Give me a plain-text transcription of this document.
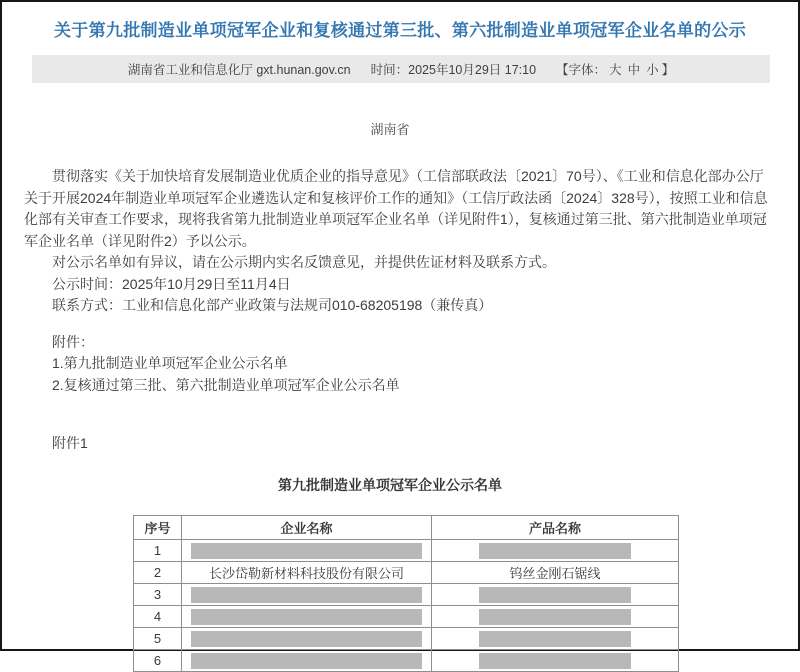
关于第九批制造业单项冠军企业和复核通过第三批、第六批制造业单项冠军企业名单的公示
湖南省工业和信息化厅 gxt.hunan.gov.cn 时间：2025年10月29日 17:10 【字体： 大 中 小 】
湖南省

贯彻落实《关于加快培育发展制造业优质企业的指导意见》（工信部联政法〔2021〕70号）、《工业和信息化部办公厅关于开展2024年制造业单项冠军企业遴选认定和复核评价工作的通知》（工信厅政法函〔2024〕328号），按照工业和信息化部有关审查工作要求，现将我省第九批制造业单项冠军企业名单（详见附件1），复核通过第三批、第六批制造业单项冠军企业名单（详见附件2）予以公示。

对公示名单如有异议，请在公示期内实名反馈意见，并提供佐证材料及联系方式。

公示时间：2025年10月29日至11月4日

联系方式：工业和信息化部产业政策与法规司010-68205198（兼传真）

附件：
1.第九批制造业单项冠军企业公示名单
2.复核通过第三批、第六批制造业单项冠军企业公示名单
附件1
第九批制造业单项冠军企业公示名单
序号	企业名称	产品名称
1	

2	长沙岱勒新材料科技股份有限公司	钨丝金刚石锯线
3	

4	

5	

6	
